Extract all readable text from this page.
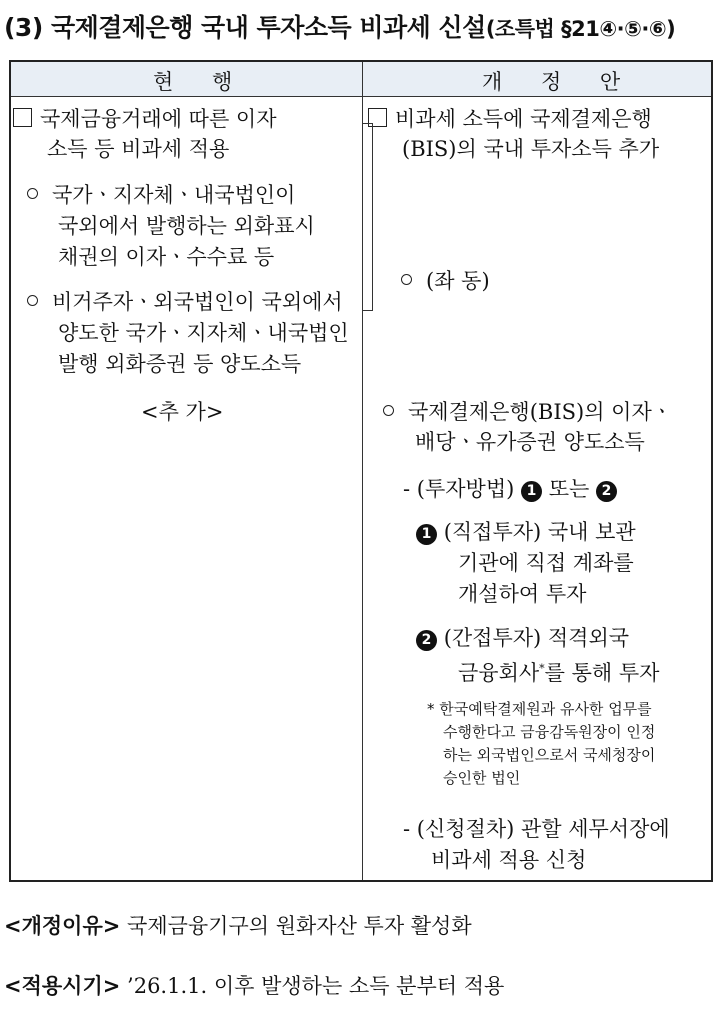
(3) 국제결제은행 국내 투자소득 비과세 신설(조특법 §21④·⑤·⑥)
현 행	개 정 안
국제금융거래에 따른 이자
소득 등 비과세 적용
국가ㆍ지자체ㆍ내국법인이
국외에서 발행하는 외화표시
채권의 이자ㆍ수수료 등
비거주자ㆍ외국법인이 국외에서
양도한 국가ㆍ지자체ㆍ내국법인
발행 외화증권 등 양도소득
<추 가>
비과세 소득에 국제결제은행
(BIS)의 국내 투자소득 추가
(좌 동)
국제결제은행(BIS)의 이자ㆍ
배당ㆍ유가증권 양도소득
- (투자방법) 1 또는 2
1 (직접투자) 국내 보관
기관에 직접 계좌를
개설하여 투자
2 (간접투자) 적격외국
금융회사*를 통해 투자
* 한국예탁결제원과 유사한 업무를
수행한다고 금융감독원장이 인정
하는 외국법인으로서 국세청장이
승인한 법인
- (신청절차) 관할 세무서장에
비과세 적용 신청
<개정이유> 국제금융기구의 원화자산 투자 활성화
<적용시기> ’26.1.1. 이후 발생하는 소득 분부터 적용
